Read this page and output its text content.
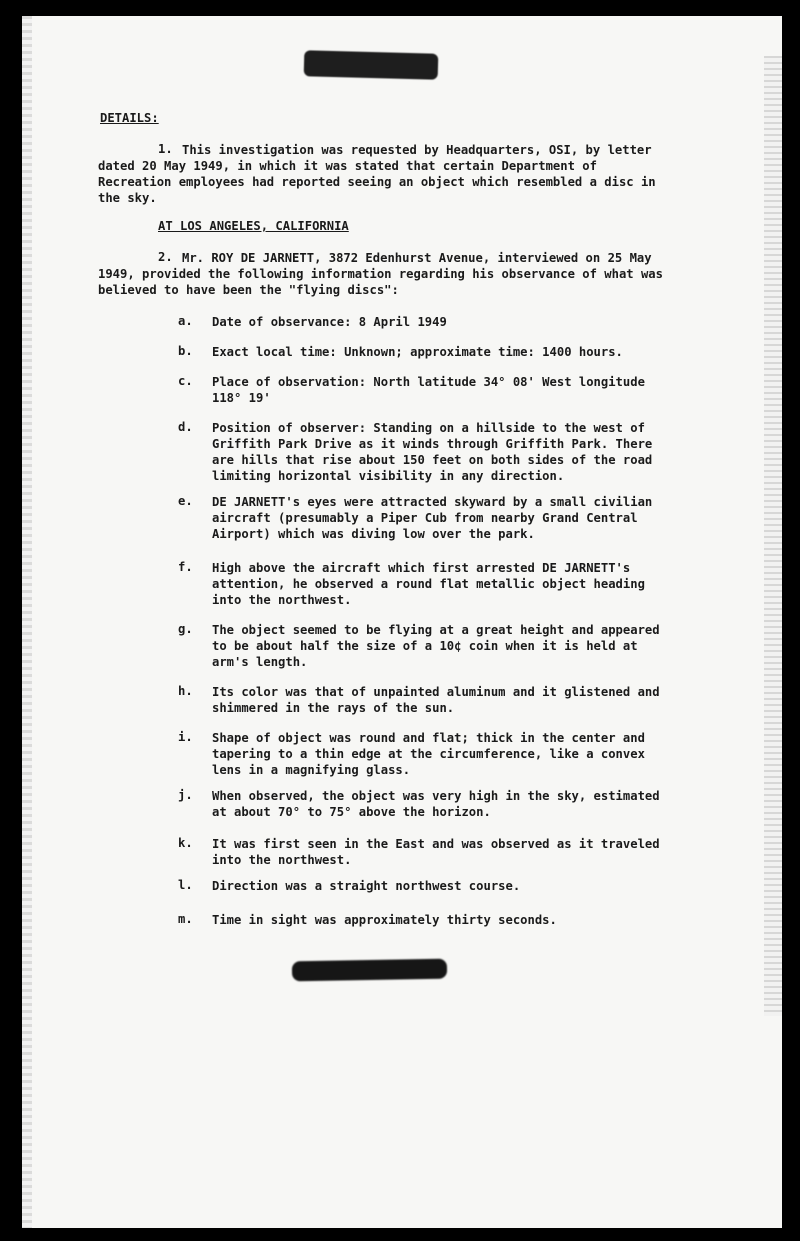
DETAILS:
1. This investigation was requested by Headquarters, OSI, by letter dated 20 May 1949, in which it was stated that certain Department of Recreation employees had reported seeing an object which resembled a disc in the sky.
AT LOS ANGELES, CALIFORNIA
2. Mr. ROY DE JARNETT, 3872 Edenhurst Avenue, interviewed on 25 May 1949, provided the following information regarding his observance of what was believed to have been the "flying discs":
a. Date of observance: 8 April 1949
b. Exact local time: Unknown; approximate time: 1400 hours.
c. Place of observation: North latitude 34° 08' West longitude 118° 19'
d. Position of observer: Standing on a hillside to the west of Griffith Park Drive as it winds through Griffith Park. There are hills that rise about 150 feet on both sides of the road limiting horizontal visibility in any direction.
e. DE JARNETT's eyes were attracted skyward by a small civilian aircraft (presumably a Piper Cub from nearby Grand Central Airport) which was diving low over the park.
f. High above the aircraft which first arrested DE JARNETT's attention, he observed a round flat metallic object heading into the northwest.
g. The object seemed to be flying at a great height and appeared to be about half the size of a 10¢ coin when it is held at arm's length.
h. Its color was that of unpainted aluminum and it glistened and shimmered in the rays of the sun.
i. Shape of object was round and flat; thick in the center and tapering to a thin edge at the circumference, like a convex lens in a magnifying glass.
j. When observed, the object was very high in the sky, estimated at about 70° to 75° above the horizon.
k. It was first seen in the East and was observed as it traveled into the northwest.
l. Direction was a straight northwest course.
m. Time in sight was approximately thirty seconds.
